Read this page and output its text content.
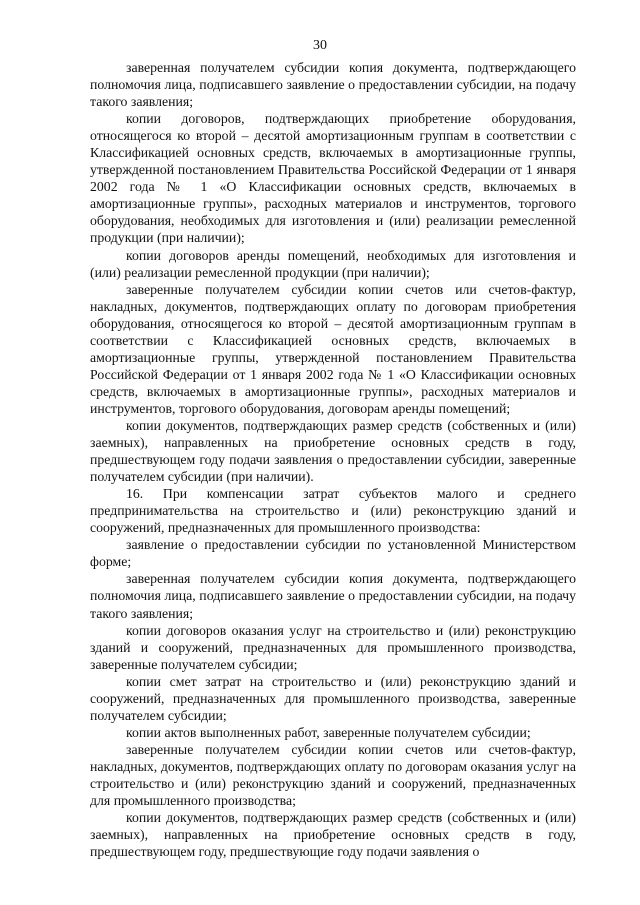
30

заверенная получателем субсидии копия документа, подтверждающего полномочия лица, подписавшего заявление о предоставлении субсидии, на подачу такого заявления;

копии договоров, подтверждающих приобретение оборудования, относящегося ко второй – десятой амортизационным группам в соответствии с Классификацией основных средств, включаемых в амортизационные группы, утвержденной постановлением Правительства Российской Федерации от 1 января 2002 года № 1 «О Классификации основных средств, включаемых в амортизационные группы», расходных материалов и инструментов, торгового оборудования, необходимых для изготовления и (или) реализации ремесленной продукции (при наличии);

копии договоров аренды помещений, необходимых для изготовления и (или) реализации ремесленной продукции (при наличии);

заверенные получателем субсидии копии счетов или счетов-фактур, накладных, документов, подтверждающих оплату по договорам приобретения оборудования, относящегося ко второй – десятой амортизационным группам в соответствии с Классификацией основных средств, включаемых в амортизационные группы, утвержденной постановлением Правительства Российской Федерации от 1 января 2002 года № 1 «О Классификации основных средств, включаемых в амортизационные группы», расходных материалов и инструментов, торгового оборудования, договорам аренды помещений;

копии документов, подтверждающих размер средств (собственных и (или) заемных), направленных на приобретение основных средств в году, предшествующем году подачи заявления о предоставлении субсидии, заверенные получателем субсидии (при наличии).

16. При компенсации затрат субъектов малого и среднего предпринимательства на строительство и (или) реконструкцию зданий и сооружений, предназначенных для промышленного производства:

заявление о предоставлении субсидии по установленной Министерством форме;

заверенная получателем субсидии копия документа, подтверждающего полномочия лица, подписавшего заявление о предоставлении субсидии, на подачу такого заявления;

копии договоров оказания услуг на строительство и (или) реконструкцию зданий и сооружений, предназначенных для промышленного производства, заверенные получателем субсидии;

копии смет затрат на строительство и (или) реконструкцию зданий и сооружений, предназначенных для промышленного производства, заверенные получателем субсидии;

копии актов выполненных работ, заверенные получателем субсидии;

заверенные получателем субсидии копии счетов или счетов-фактур, накладных, документов, подтверждающих оплату по договорам оказания услуг на строительство и (или) реконструкцию зданий и сооружений, предназначенных для промышленного производства;

копии документов, подтверждающих размер средств (собственных и (или) заемных), направленных на приобретение основных средств в году, предшествующем году, предшествующие году подачи заявления о
